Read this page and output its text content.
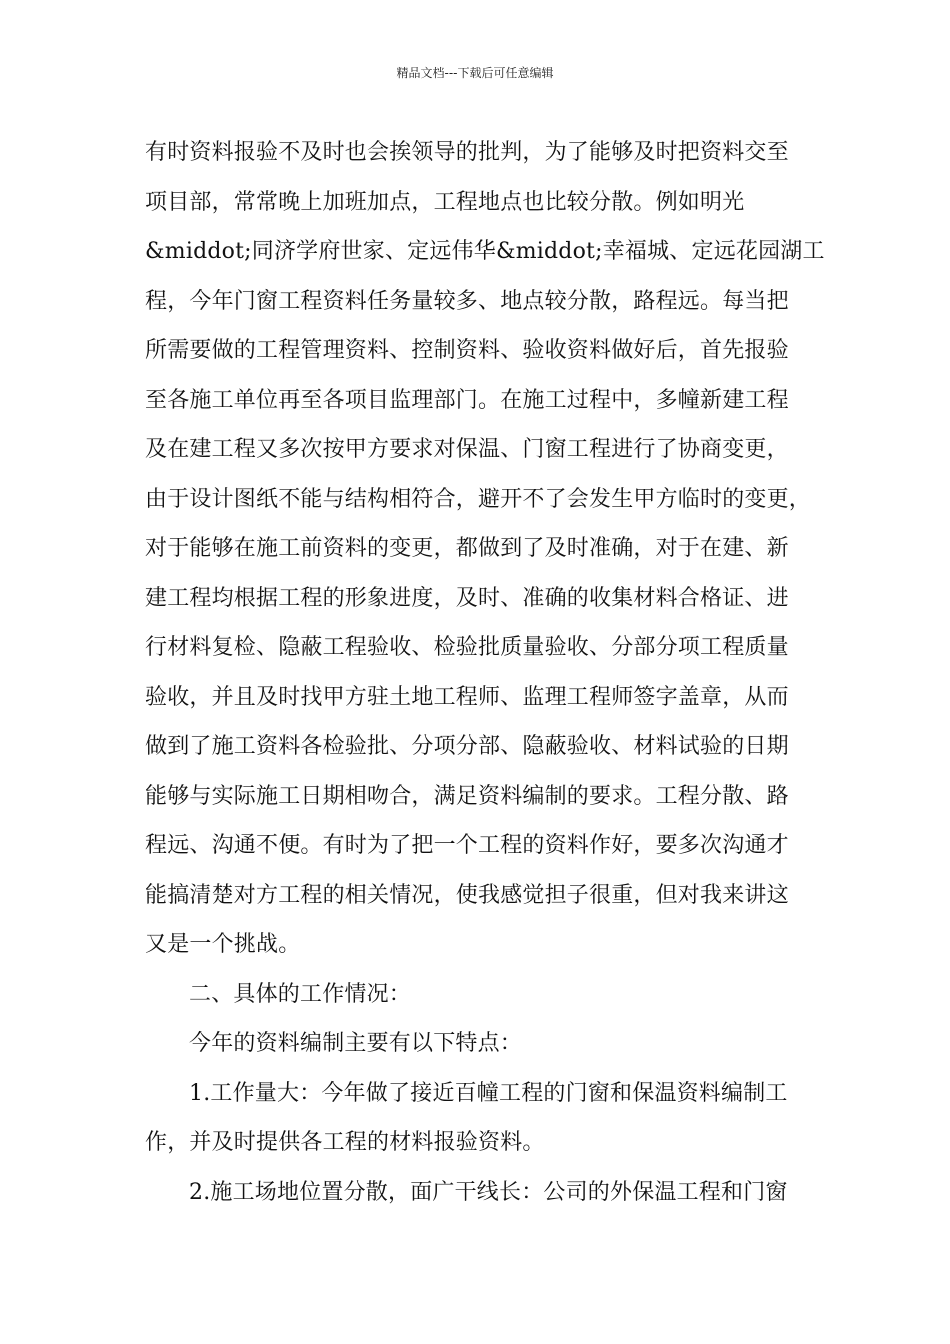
精品文档---下载后可任意编辑
有时资料报验不及时也会挨领导的批判，为了能够及时把资料交至
项目部，常常晚上加班加点，工程地点也比较分散。例如明光
&middot;同济学府世家、定远伟华&middot;幸福城、定远花园湖工
程，今年门窗工程资料任务量较多、地点较分散，路程远。每当把
所需要做的工程管理资料、控制资料、验收资料做好后，首先报验
至各施工单位再至各项目监理部门。在施工过程中，多幢新建工程
及在建工程又多次按甲方要求对保温、门窗工程进行了协商变更，
由于设计图纸不能与结构相符合，避开不了会发生甲方临时的变更，
对于能够在施工前资料的变更，都做到了及时准确，对于在建、新
建工程均根据工程的形象进度，及时、准确的收集材料合格证、进
行材料复检、隐蔽工程验收、检验批质量验收、分部分项工程质量
验收，并且及时找甲方驻土地工程师、监理工程师签字盖章，从而
做到了施工资料各检验批、分项分部、隐蔽验收、材料试验的日期
能够与实际施工日期相吻合，满足资料编制的要求。工程分散、路
程远、沟通不便。有时为了把一个工程的资料作好，要多次沟通才
能搞清楚对方工程的相关情况，使我感觉担子很重，但对我来讲这
又是一个挑战。
二、具体的工作情况：
今年的资料编制主要有以下特点：
1.工作量大：今年做了接近百幢工程的门窗和保温资料编制工
作，并及时提供各工程的材料报验资料。
2.施工场地位置分散，面广干线长：公司的外保温工程和门窗
